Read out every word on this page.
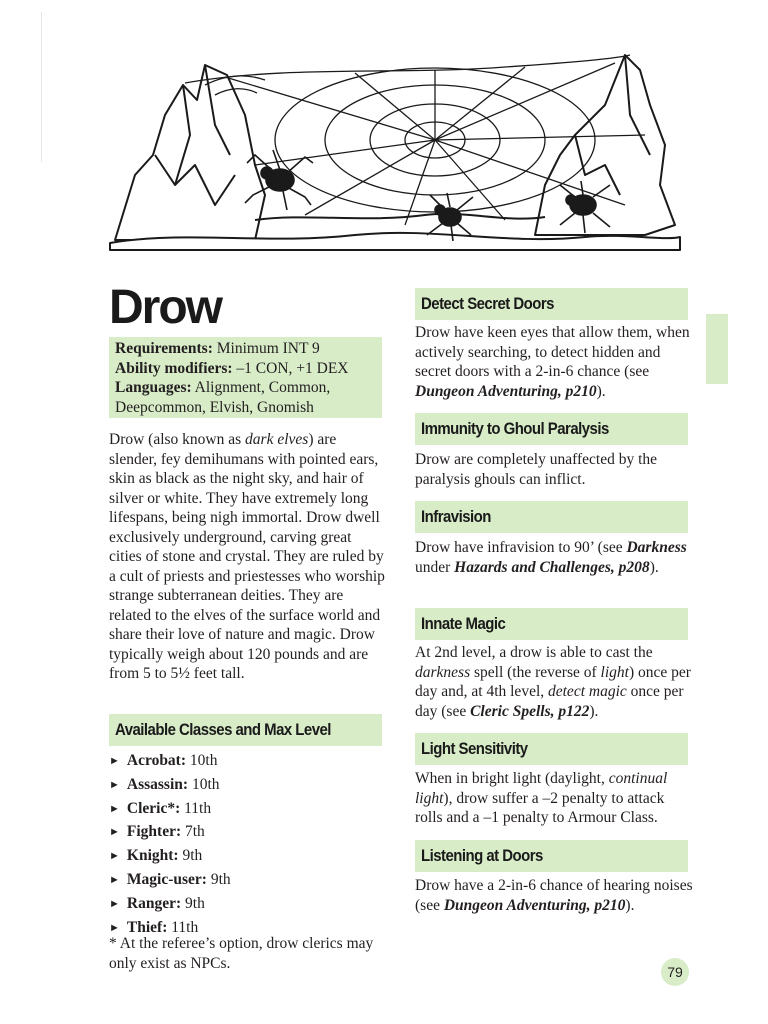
Drow
Requirements: Minimum INT 9
Ability modifiers: –1 CON, +1 DEX
Languages: Alignment, Common, Deepcommon, Elvish, Gnomish

Drow (also known as dark elves) are slender, fey demihumans with pointed ears, skin as black as the night sky, and hair of silver or white. They have extremely long lifespans, being nigh immortal. Drow dwell exclusively underground, carving great cities of stone and crystal. They are ruled by a cult of priests and priestesses who worship strange subterranean deities. They are related to the elves of the surface world and share their love of nature and magic. Drow typically weigh about 120 pounds and are from 5 to 5½ feet tall.

Available Classes and Max Level
► Acrobat: 10th
► Assassin: 10th
► Cleric*: 11th
► Fighter: 7th
► Knight: 9th
► Magic-user: 9th
► Ranger: 9th
► Thief: 11th

* At the referee’s option, drow clerics may only exist as NPCs.

Detect Secret Doors

Drow have keen eyes that allow them, when actively searching, to detect hidden and secret doors with a 2-in-6 chance (see Dungeon Adventuring, p210).

Immunity to Ghoul Paralysis

Drow are completely unaffected by the paralysis ghouls can inflict.

Infravision

Drow have infravision to 90’ (see Darkness under Hazards and Challenges, p208).

Innate Magic

At 2nd level, a drow is able to cast the darkness spell (the reverse of light) once per day and, at 4th level, detect magic once per day (see Cleric Spells, p122).

Light Sensitivity

When in bright light (daylight, continual light), drow suffer a –2 penalty to attack rolls and a –1 penalty to Armour Class.

Listening at Doors

Drow have a 2-in-6 chance of hearing noises (see Dungeon Adventuring, p210).

79
